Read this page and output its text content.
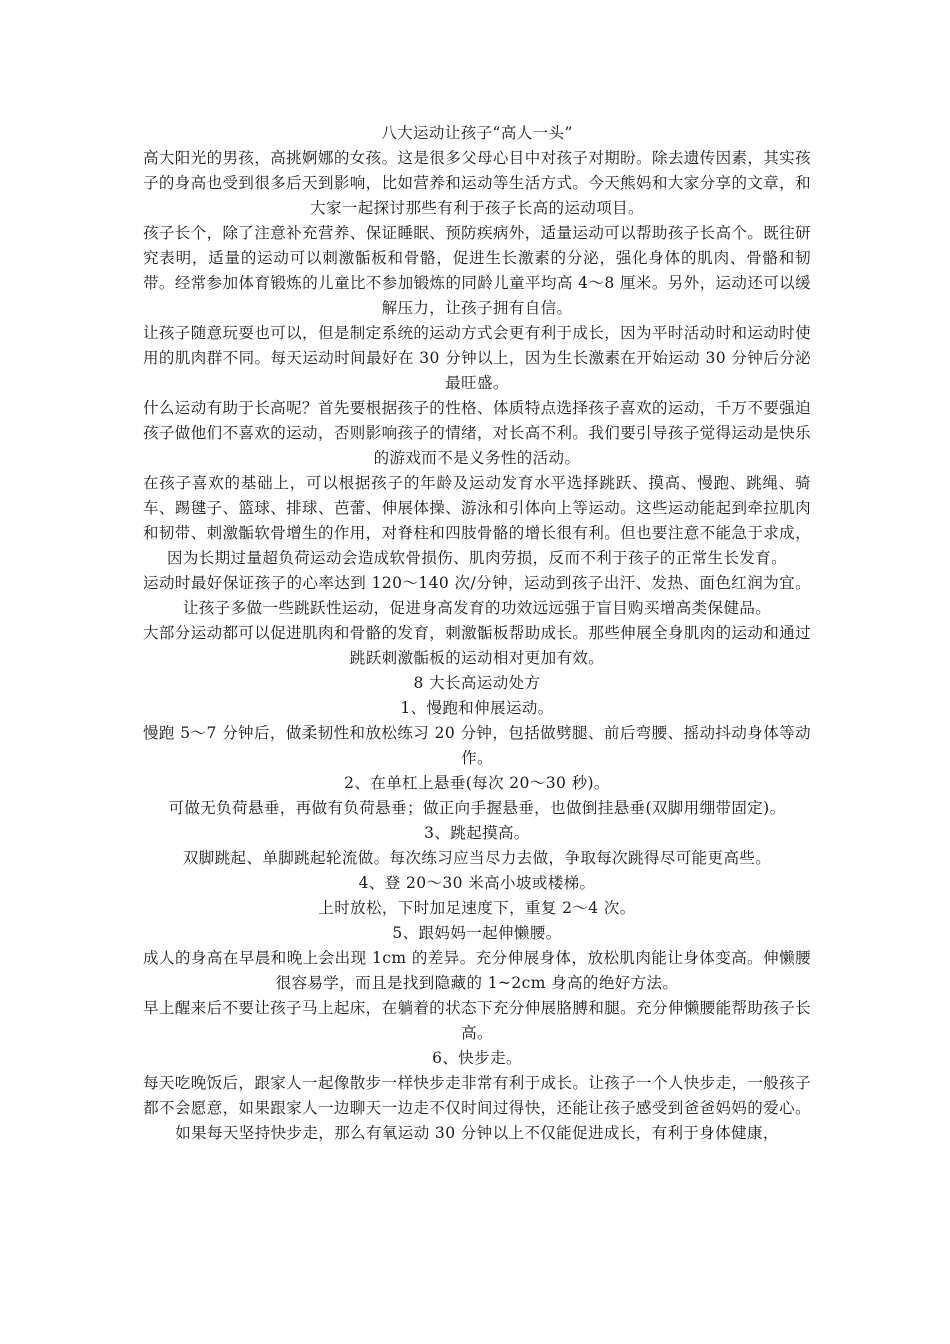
八大运动让孩子“高人一头”

高大阳光的男孩，高挑婀娜的女孩。这是很多父母心目中对孩子对期盼。除去遗传因素，其实孩子的身高也受到很多后天到影响，比如营养和运动等生活方式。今天熊妈和大家分享的文章，和大家一起探讨那些有利于孩子长高的运动项目。

孩子长个，除了注意补充营养、保证睡眠、预防疾病外，适量运动可以帮助孩子长高个。既往研究表明，适量的运动可以刺激骺板和骨骼，促进生长激素的分泌，强化身体的肌肉、骨骼和韧带。经常参加体育锻炼的儿童比不参加锻炼的同龄儿童平均高 4～8 厘米。另外，运动还可以缓解压力，让孩子拥有自信。

让孩子随意玩耍也可以，但是制定系统的运动方式会更有利于成长，因为平时活动时和运动时使用的肌肉群不同。每天运动时间最好在 30 分钟以上，因为生长激素在开始运动 30 分钟后分泌最旺盛。

什么运动有助于长高呢？首先要根据孩子的性格、体质特点选择孩子喜欢的运动，千万不要强迫孩子做他们不喜欢的运动，否则影响孩子的情绪，对长高不利。我们要引导孩子觉得运动是快乐的游戏而不是义务性的活动。

在孩子喜欢的基础上，可以根据孩子的年龄及运动发育水平选择跳跃、摸高、慢跑、跳绳、骑车、踢毽子、篮球、排球、芭蕾、伸展体操、游泳和引体向上等运动。这些运动能起到牵拉肌肉和韧带、刺激骺软骨增生的作用，对脊柱和四肢骨骼的增长很有利。但也要注意不能急于求成，因为长期过量超负荷运动会造成软骨损伤、肌肉劳损，反而不利于孩子的正常生长发育。

运动时最好保证孩子的心率达到 120～140 次/分钟，运动到孩子出汗、发热、面色红润为宜。让孩子多做一些跳跃性运动，促进身高发育的功效远远强于盲目购买增高类保健品。

大部分运动都可以促进肌肉和骨骼的发育，刺激骺板帮助成长。那些伸展全身肌肉的运动和通过跳跃刺激骺板的运动相对更加有效。

8 大长高运动处方

1、慢跑和伸展运动。

慢跑 5～7 分钟后，做柔韧性和放松练习 20 分钟，包括做劈腿、前后弯腰、摇动抖动身体等动作。

2、在单杠上悬垂(每次 20～30 秒)。

可做无负荷悬垂，再做有负荷悬垂；做正向手握悬垂，也做倒挂悬垂(双脚用绷带固定)。

3、跳起摸高。

双脚跳起、单脚跳起轮流做。每次练习应当尽力去做，争取每次跳得尽可能更高些。

4、登 20～30 米高小坡或楼梯。

上时放松，下时加足速度下，重复 2～4 次。

5、跟妈妈一起伸懒腰。

成人的身高在早晨和晚上会出现 1cm 的差异。充分伸展身体，放松肌肉能让身体变高。伸懒腰很容易学，而且是找到隐藏的 1~2cm 身高的绝好方法。

早上醒来后不要让孩子马上起床，在躺着的状态下充分伸展胳膊和腿。充分伸懒腰能帮助孩子长高。

6、快步走。

每天吃晚饭后，跟家人一起像散步一样快步走非常有利于成长。让孩子一个人快步走，一般孩子都不会愿意，如果跟家人一边聊天一边走不仅时间过得快，还能让孩子感受到爸爸妈妈的爱心。

如果每天坚持快步走，那么有氧运动 30 分钟以上不仅能促进成长，有利于身体健康，
